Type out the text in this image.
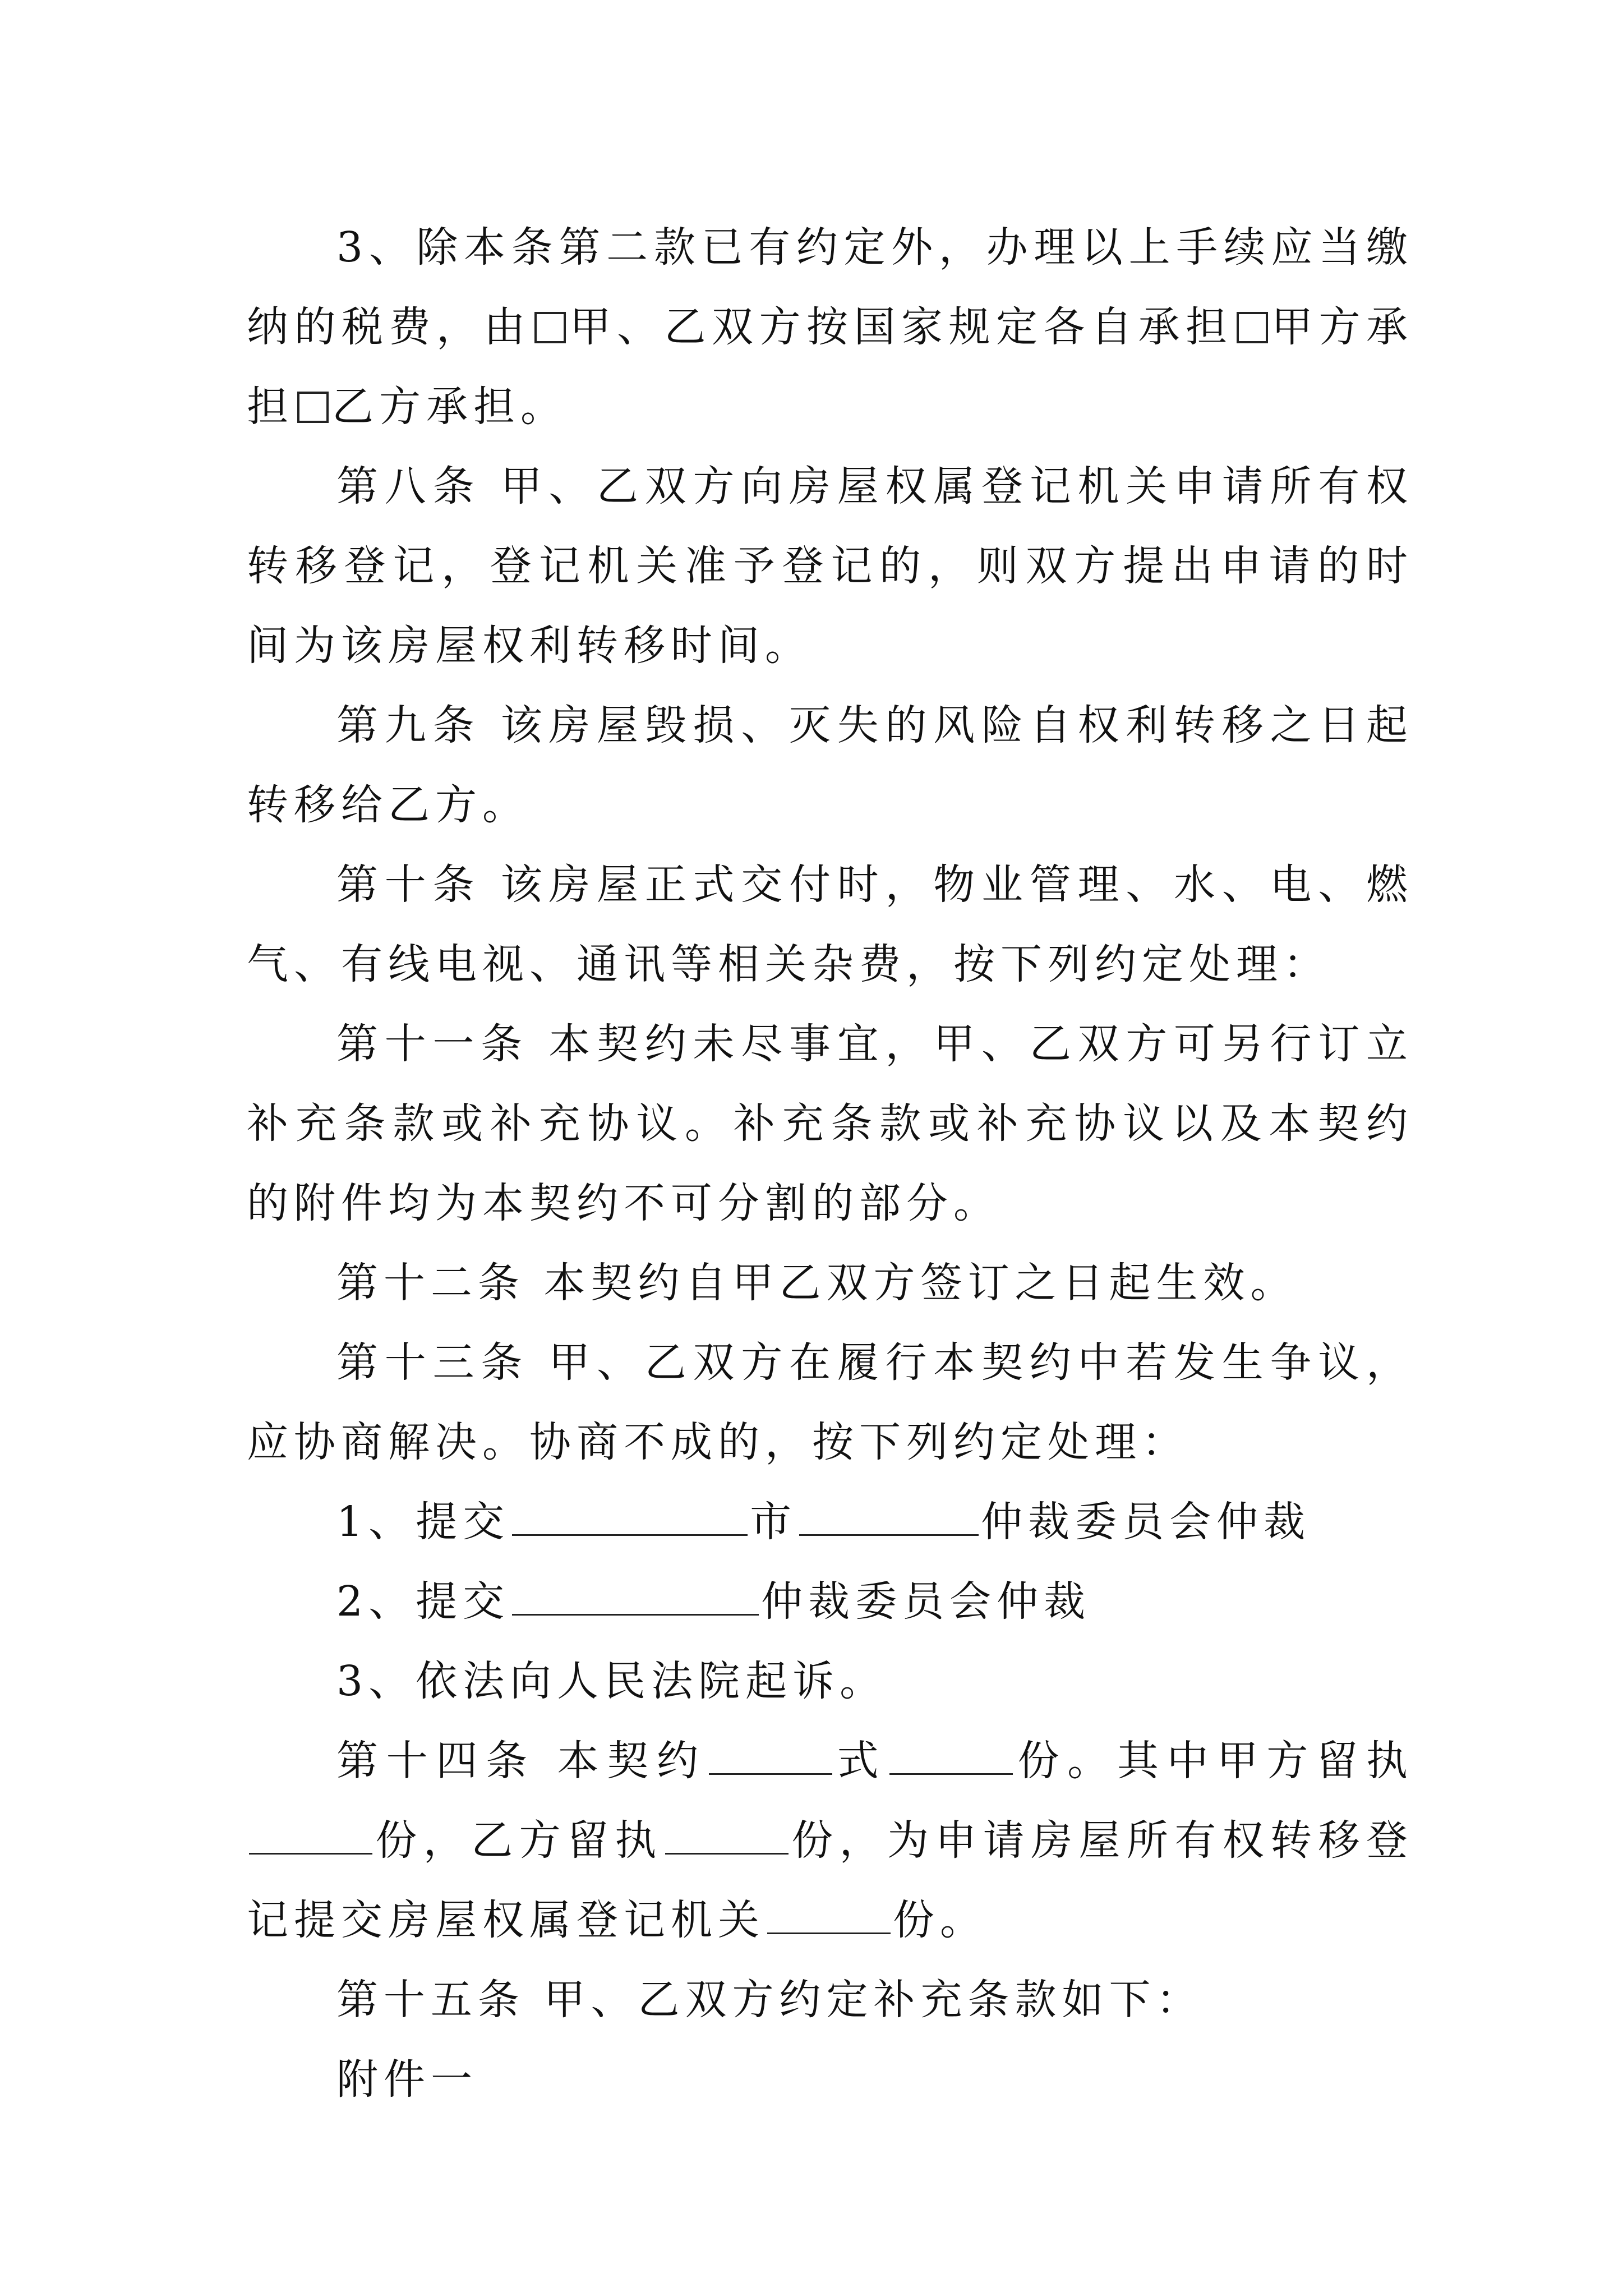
3、除本条第二款已有约定外，办理以上手续应当缴纳的税费，由 甲、乙双方按国家规定各自承担 甲方承担 乙方承担。

第八条 甲、乙双方向房屋权属登记机关申请所有权转移登记，登记机关准予登记的，则双方提出申请的时间为该房屋权利转移时间。

第九条 该房屋毁损、灭失的风险自权利转移之日起转移给乙方。

第十条 该房屋正式交付时，物业管理、水、电、燃气、有线电视、通讯等相关杂费，按下列约定处理：

第十一条 本契约未尽事宜，甲、乙双方可另行订立补充条款或补充协议。补充条款或补充协议以及本契约的附件均为本契约不可分割的部分。

第十二条 本契约自甲乙双方签订之日起生效。

第十三条 甲、乙双方在履行本契约中若发生争议，应协商解决。协商不成的，按下列约定处理：

1、提交	市	仲裁委员会仲裁

2、提交	仲裁委员会仲裁

3、依法向人民法院起诉。

第十四条 本契约	式	份。其中甲方留执份，乙方留执	份，为申请房屋所有权转移登记提交房屋权属登记机关	份。

第十五条 甲、乙双方约定补充条款如下：

附件一
